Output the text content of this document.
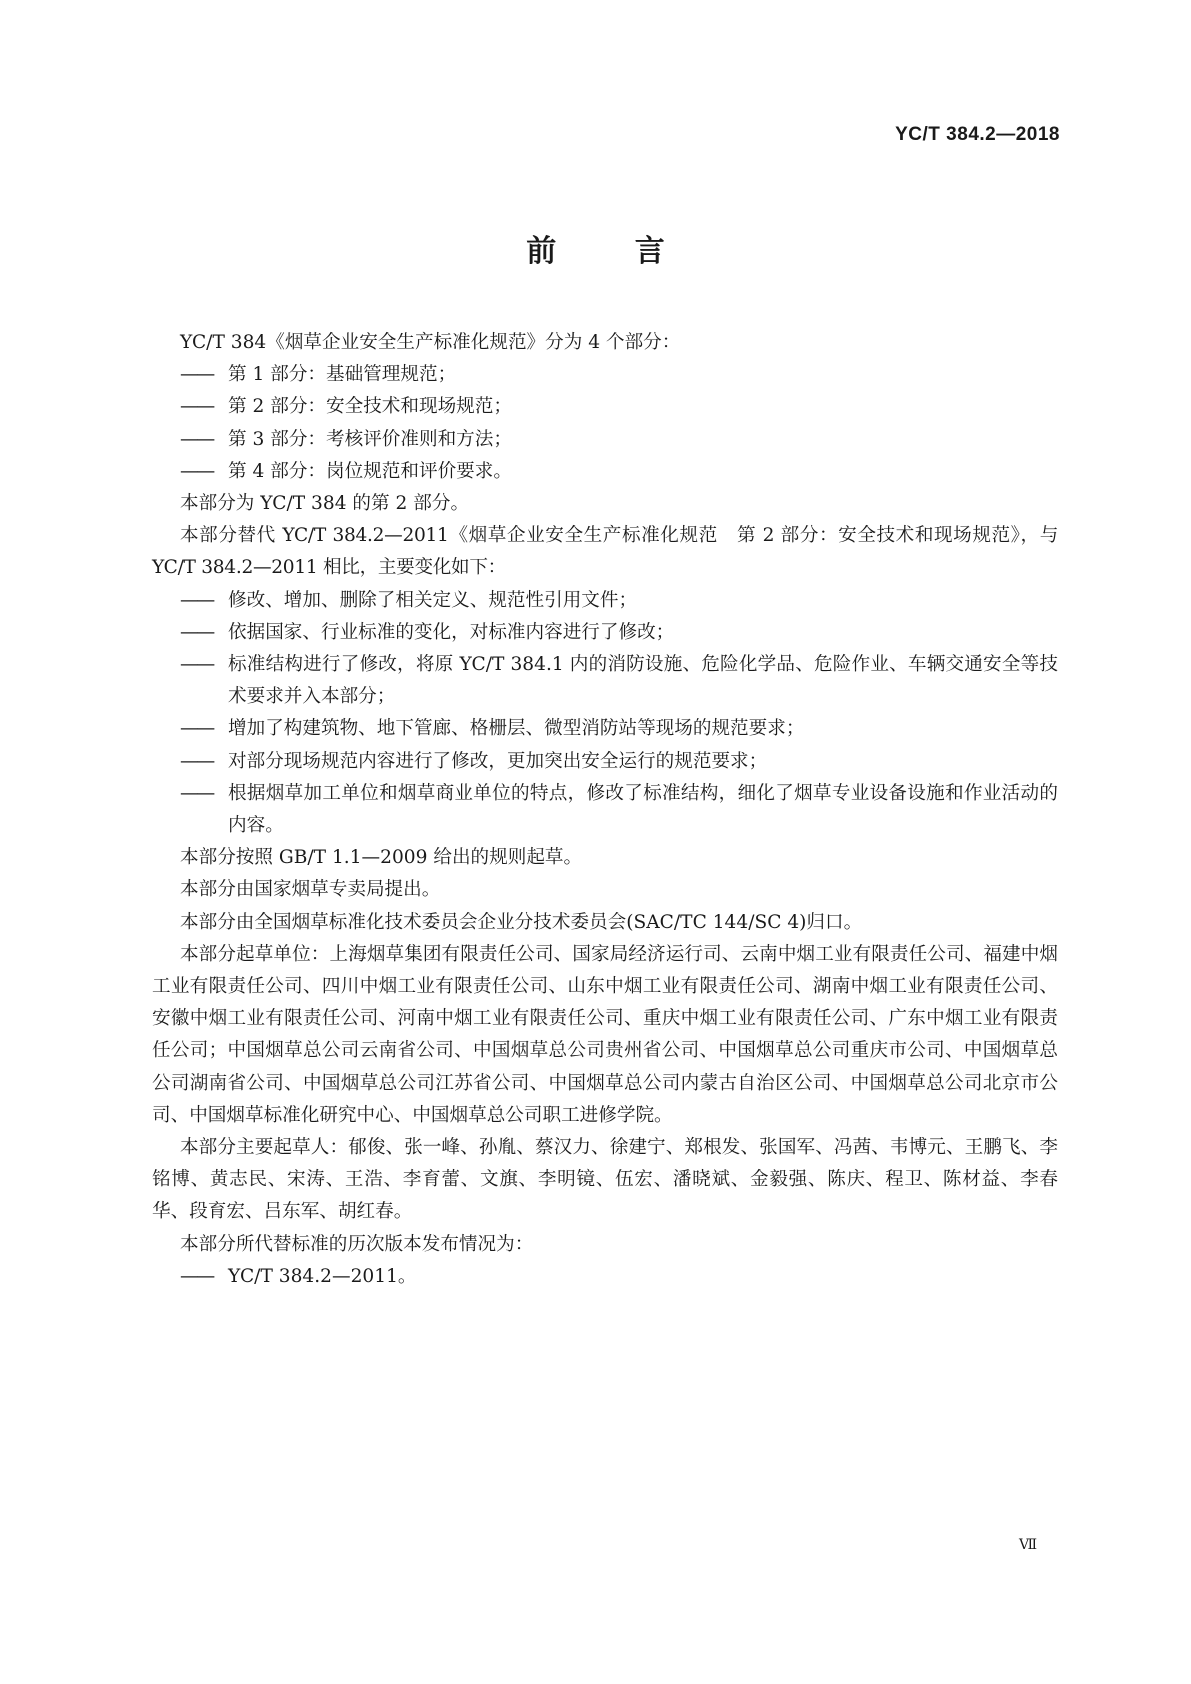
YC/T 384.2—2018
前 言

YC/T 384《烟草企业安全生产标准化规范》分为 4 个部分：

—— 第 1 部分：基础管理规范；

—— 第 2 部分：安全技术和现场规范；

—— 第 3 部分：考核评价准则和方法；

—— 第 4 部分：岗位规范和评价要求。

本部分为 YC/T 384 的第 2 部分。

本部分替代 YC/T 384.2—2011《烟草企业安全生产标准化规范　第 2 部分：安全技术和现场规范》，与 YC/T 384.2—2011 相比，主要变化如下：

—— 修改、增加、删除了相关定义、规范性引用文件；

—— 依据国家、行业标准的变化，对标准内容进行了修改；

—— 标准结构进行了修改，将原 YC/T 384.1 内的消防设施、危险化学品、危险作业、车辆交通安全等技术要求并入本部分；

—— 增加了构建筑物、地下管廊、格栅层、微型消防站等现场的规范要求；

—— 对部分现场规范内容进行了修改，更加突出安全运行的规范要求；

—— 根据烟草加工单位和烟草商业单位的特点，修改了标准结构，细化了烟草专业设备设施和作业活动的内容。

本部分按照 GB/T 1.1—2009 给出的规则起草。

本部分由国家烟草专卖局提出。

本部分由全国烟草标准化技术委员会企业分技术委员会(SAC/TC 144/SC 4)归口。

本部分起草单位：上海烟草集团有限责任公司、国家局经济运行司、云南中烟工业有限责任公司、福建中烟工业有限责任公司、四川中烟工业有限责任公司、山东中烟工业有限责任公司、湖南中烟工业有限责任公司、安徽中烟工业有限责任公司、河南中烟工业有限责任公司、重庆中烟工业有限责任公司、广东中烟工业有限责任公司；中国烟草总公司云南省公司、中国烟草总公司贵州省公司、中国烟草总公司重庆市公司、中国烟草总公司湖南省公司、中国烟草总公司江苏省公司、中国烟草总公司内蒙古自治区公司、中国烟草总公司北京市公司、中国烟草标准化研究中心、中国烟草总公司职工进修学院。

本部分主要起草人：郁俊、张一峰、孙胤、蔡汉力、徐建宁、郑根发、张国军、冯茜、韦博元、王鹏飞、李铭博、黄志民、宋涛、王浩、李育蕾、文旗、李明镜、伍宏、潘晓斌、金毅强、陈庆、程卫、陈材益、李春华、段育宏、吕东军、胡红春。

本部分所代替标准的历次版本发布情况为：

—— YC/T 384.2—2011。

Ⅶ
